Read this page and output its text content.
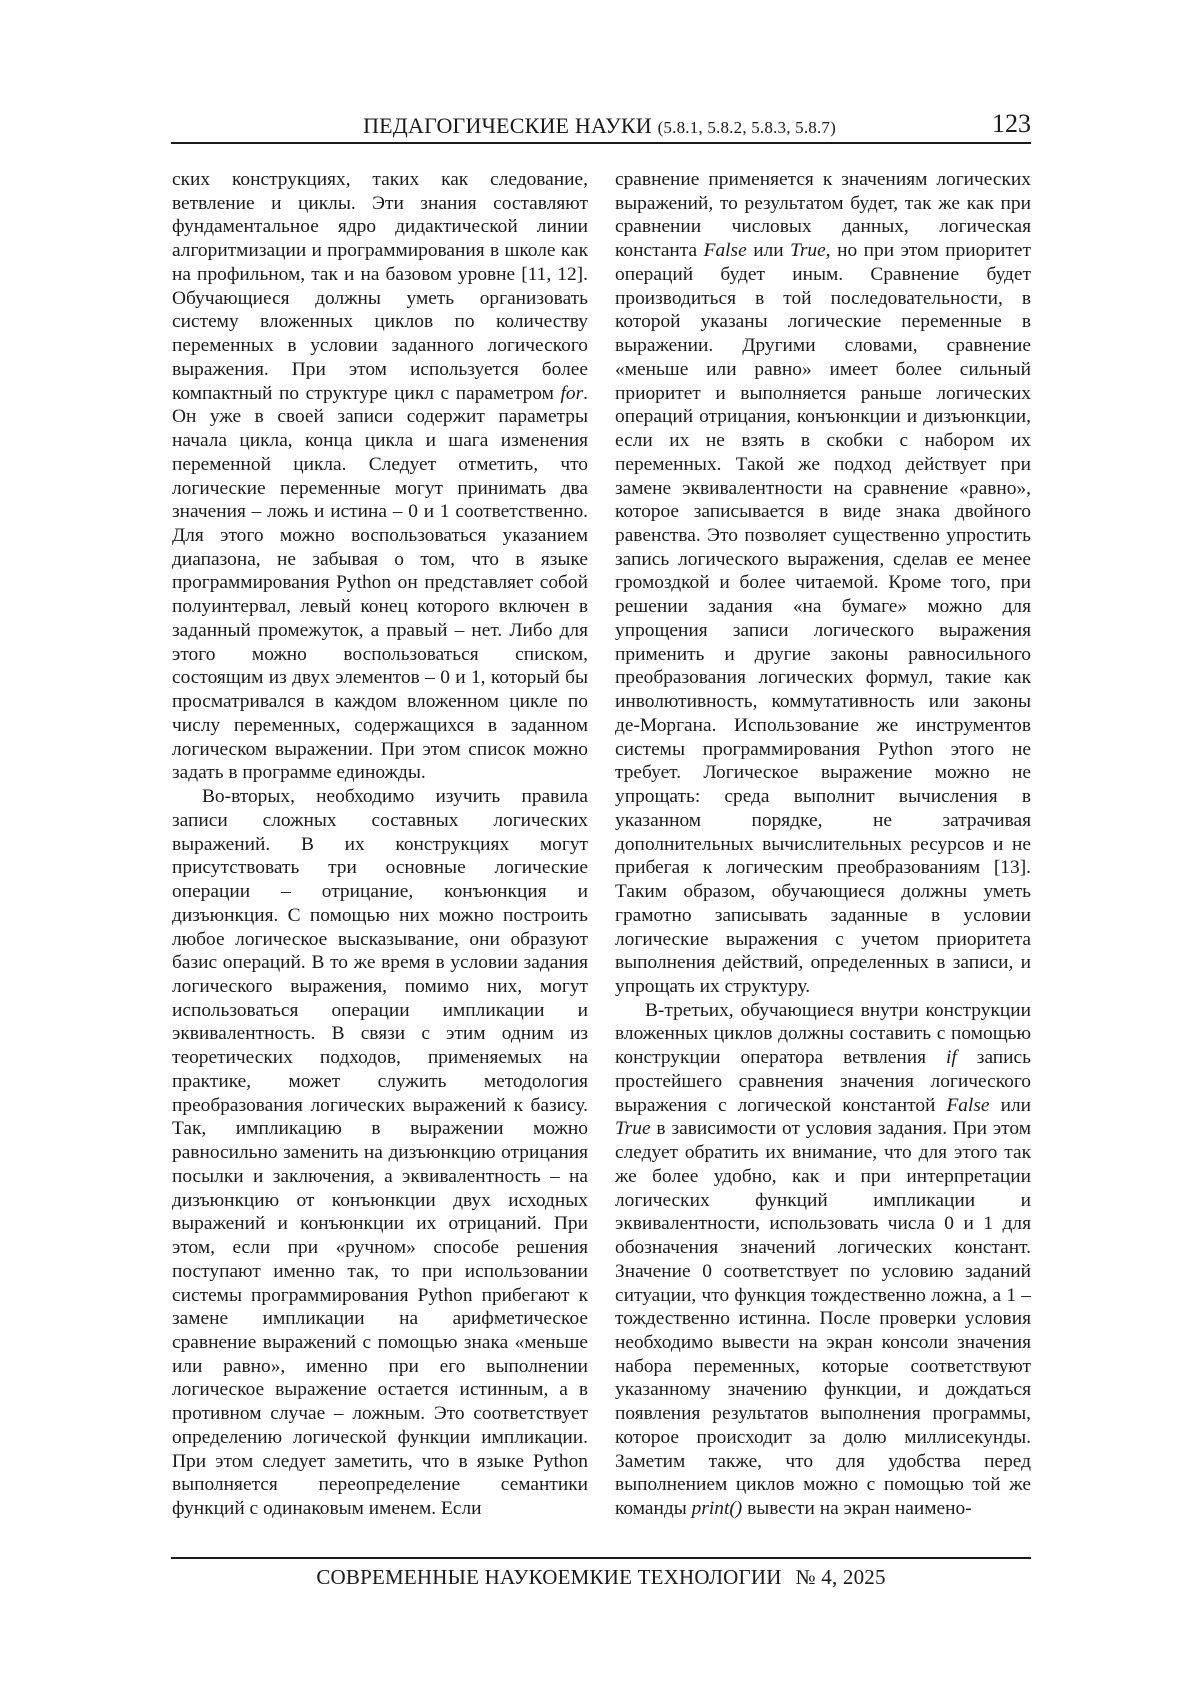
ПЕДАГОГИЧЕСКИЕ НАУКИ (5.8.1, 5.8.2, 5.8.3, 5.8.7)	123

ских конструкциях, таких как следование, ветвление и циклы. Эти знания составляют фундаментальное ядро дидактической линии алгоритмизации и программирования в школе как на профильном, так и на базовом уровне [11, 12]. Обучающиеся должны уметь организовать систему вложенных циклов по количеству переменных в условии заданного логического выражения. При этом используется более компактный по структуре цикл с параметром for. Он уже в своей записи содержит параметры начала цикла, конца цикла и шага изменения переменной цикла. Следует отметить, что логические переменные могут принимать два значения – ложь и истина – 0 и 1 соответственно. Для этого можно воспользоваться указанием диапазона, не забывая о том, что в языке программирования Python он представляет собой полуинтервал, левый конец которого включен в заданный промежуток, а правый – нет. Либо для этого можно воспользоваться списком, состоящим из двух элементов – 0 и 1, который бы просматривался в каждом вложенном цикле по числу переменных, содержащихся в заданном логическом выражении. При этом список можно задать в программе единожды.

Во-вторых, необходимо изучить правила записи сложных составных логических выражений. В их конструкциях могут присутствовать три основные логические операции – отрицание, конъюнкция и дизъюнкция. С помощью них можно построить любое логическое высказывание, они образуют базис операций. В то же время в условии задания логического выражения, помимо них, могут использоваться операции импликации и эквивалентность. В связи с этим одним из теоретических подходов, применяемых на практике, может служить методология преобразования логических выражений к базису. Так, импликацию в выражении можно равносильно заменить на дизъюнкцию отрицания посылки и заключения, а эквивалентность – на дизъюнкцию от конъюнкции двух исходных выражений и конъюнкции их отрицаний. При этом, если при «ручном» способе решения поступают именно так, то при использовании системы программирования Python прибегают к замене импликации на арифметическое сравнение выражений с помощью знака «меньше или равно», именно при его выполнении логическое выражение остается истинным, а в противном случае – ложным. Это соответствует определению логической функции импликации. При этом следует заметить, что в языке Python выполняется переопределение семантики функций с одинаковым именем. Если

сравнение применяется к значениям логических выражений, то результатом будет, так же как при сравнении числовых данных, логическая константа False или True, но при этом приоритет операций будет иным. Сравнение будет производиться в той последовательности, в которой указаны логические переменные в выражении. Другими словами, сравнение «меньше или равно» имеет более сильный приоритет и выполняется раньше логических операций отрицания, конъюнкции и дизъюнкции, если их не взять в скобки с набором их переменных. Такой же подход действует при замене эквивалентности на сравнение «равно», которое записывается в виде знака двойного равенства. Это позволяет существенно упростить запись логического выражения, сделав ее менее громоздкой и более читаемой. Кроме того, при решении задания «на бумаге» можно для упрощения записи логического выражения применить и другие законы равносильного преобразования логических формул, такие как инволютивность, коммутативность или законы де-Моргана. Использование же инструментов системы программирования Python этого не требует. Логическое выражение можно не упрощать: среда выполнит вычисления в указанном порядке, не затрачивая дополнительных вычислительных ресурсов и не прибегая к логическим преобразованиям [13]. Таким образом, обучающиеся должны уметь грамотно записывать заданные в условии логические выражения с учетом приоритета выполнения действий, определенных в записи, и упрощать их структуру.

В-третьих, обучающиеся внутри конструкции вложенных циклов должны составить с помощью конструкции оператора ветвления if запись простейшего сравнения значения логического выражения с логической константой False или True в зависимости от условия задания. При этом следует обратить их внимание, что для этого так же более удобно, как и при интерпретации логических функций импликации и эквивалентности, использовать числа 0 и 1 для обозначения значений логических констант. Значение 0 соответствует по условию заданий ситуации, что функция тождественно ложна, а 1 – тождественно истинна. После проверки условия необходимо вывести на экран консоли значения набора переменных, которые соответствуют указанному значению функции, и дождаться появления результатов выполнения программы, которое происходит за долю миллисекунды. Заметим также, что для удобства перед выполнением циклов можно с помощью той же команды print() вывести на экран наимено-

СОВРЕМЕННЫЕ НАУКОЕМКИЕ ТЕХНОЛОГИИ № 4, 2025
